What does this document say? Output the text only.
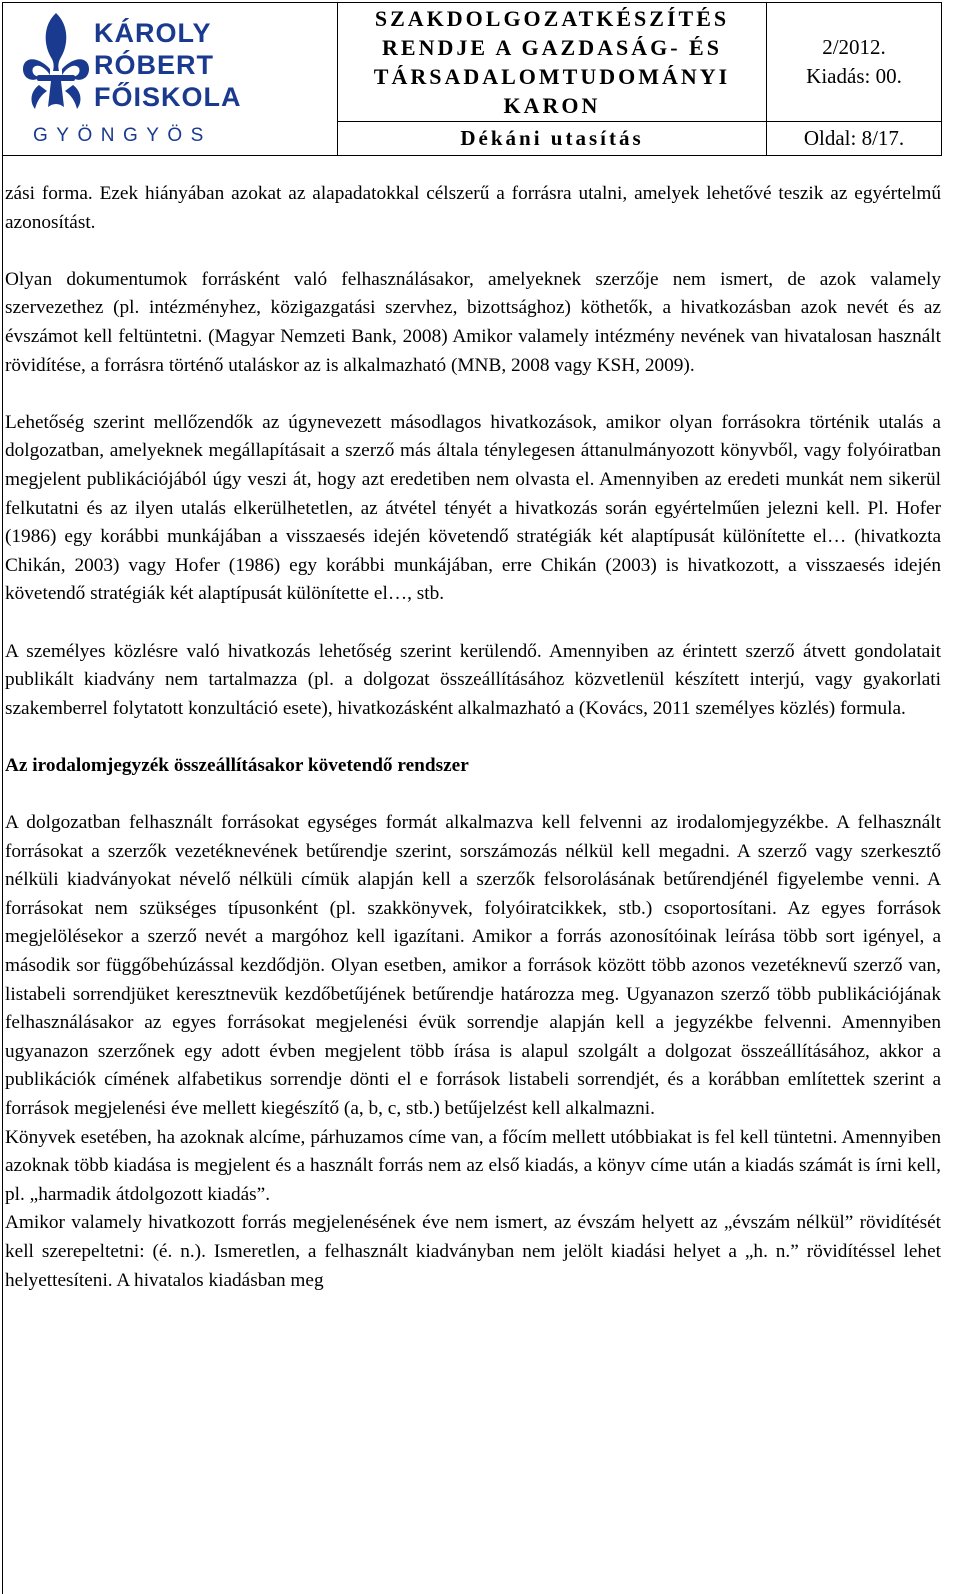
KÁROLY
RÓBERT
FŐISKOLA
GYÖNGYÖS
SZAKDOLGOZATKÉSZÍTÉS
RENDJE A GAZDASÁG- ÉS
TÁRSADALOMTUDOMÁNYI
KARON
2/2012.
Kiadás: 00.
Dékáni utasítás	Oldal: 8/17.

zási forma. Ezek hiányában azokat az alapadatokkal célszerű a forrásra utalni, amelyek lehetővé teszik az egyértelmű azonosítást.

Olyan dokumentumok forrásként való felhasználásakor, amelyeknek szerzője nem ismert, de azok valamely szervezethez (pl. intézményhez, közigazgatási szervhez, bizottsághoz) köthetők, a hivatkozásban azok nevét és az évszámot kell feltüntetni. (Magyar Nemzeti Bank, 2008) Amikor valamely intézmény nevének van hivatalosan használt rövidítése, a forrásra történő utaláskor az is alkalmazható (MNB, 2008 vagy KSH, 2009).

Lehetőség szerint mellőzendők az úgynevezett másodlagos hivatkozások, amikor olyan forrásokra történik utalás a dolgozatban, amelyeknek megállapításait a szerző más általa ténylegesen áttanulmányozott könyvből, vagy folyóiratban megjelent publikációjából úgy veszi át, hogy azt eredetiben nem olvasta el. Amennyiben az eredeti munkát nem sikerül felkutatni és az ilyen utalás elkerülhetetlen, az átvétel tényét a hivatkozás során egyértelműen jelezni kell. Pl. Hofer (1986) egy korábbi munkájában a visszaesés idején követendő stratégiák két alaptípusát különítette el… (hivatkozta Chikán, 2003) vagy Hofer (1986) egy korábbi munkájában, erre Chikán (2003) is hivatkozott, a visszaesés idején követendő stratégiák két alaptípusát különítette el…, stb.

A személyes közlésre való hivatkozás lehetőség szerint kerülendő. Amennyiben az érintett szerző átvett gondolatait publikált kiadvány nem tartalmazza (pl. a dolgozat összeállításához közvetlenül készített interjú, vagy gyakorlati szakemberrel folytatott konzultáció esete), hivatkozásként alkalmazható a (Kovács, 2011 személyes közlés) formula.

Az irodalomjegyzék összeállításakor követendő rendszer

A dolgozatban felhasznált forrásokat egységes formát alkalmazva kell felvenni az irodalomjegyzékbe. A felhasznált forrásokat a szerzők vezetéknevének betűrendje szerint, sorszámozás nélkül kell megadni. A szerző vagy szerkesztő nélküli kiadványokat névelő nélküli címük alapján kell a szerzők felsorolásának betűrendjénél figyelembe venni. A forrásokat nem szükséges típusonként (pl. szakkönyvek, folyóiratcikkek, stb.) csoportosítani. Az egyes források megjelölésekor a szerző nevét a margóhoz kell igazítani. Amikor a forrás azonosítóinak leírása több sort igényel, a második sor függőbehúzással kezdődjön. Olyan esetben, amikor a források között több azonos vezetéknevű szerző van, listabeli sorrendjüket keresztnevük kezdőbetűjének betűrendje határozza meg. Ugyanazon szerző több publikációjának felhasználásakor az egyes forrásokat megjelenési évük sorrendje alapján kell a jegyzékbe felvenni. Amennyiben ugyanazon szerzőnek egy adott évben megjelent több írása is alapul szolgált a dolgozat összeállításához, akkor a publikációk címének alfabetikus sorrendje dönti el e források listabeli sorrendjét, és a korábban említettek szerint a források megjelenési éve mellett kiegészítő (a, b, c, stb.) betűjelzést kell alkalmazni.

Könyvek esetében, ha azoknak alcíme, párhuzamos címe van, a főcím mellett utóbbiakat is fel kell tüntetni. Amennyiben azoknak több kiadása is megjelent és a használt forrás nem az első kiadás, a könyv címe után a kiadás számát is írni kell, pl. „harmadik átdolgozott kiadás”.

Amikor valamely hivatkozott forrás megjelenésének éve nem ismert, az évszám helyett az „évszám nélkül” rövidítését kell szerepeltetni: (é. n.). Ismeretlen, a felhasznált kiadványban nem jelölt kiadási helyet a „h. n.” rövidítéssel lehet helyettesíteni. A hivatalos kiadásban meg
